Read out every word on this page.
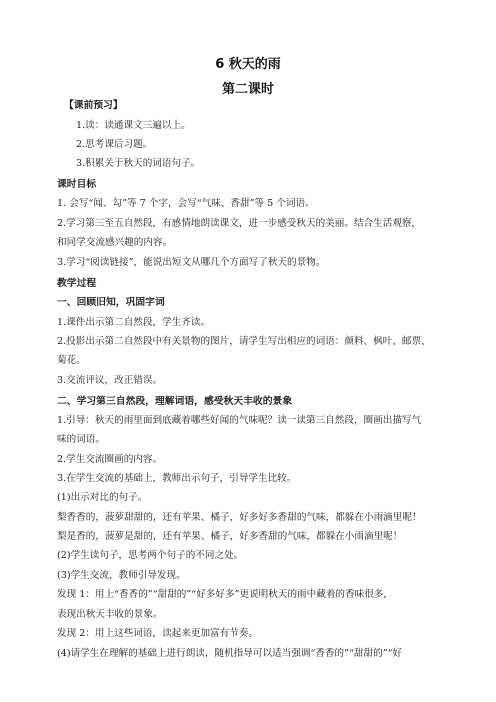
6 秋天的雨
第二课时
【课前预习】
1.读：读通课文三遍以上。
2.思考课后习题。
3.积累关于秋天的词语句子。
课时目标
1. 会写“闻、勾”等 7 个字，会写“气味、香甜”等 5 个词语。
2.学习第三至五自然段，有感情地朗读课文，进一步感受秋天的美丽。结合生活观察，
和同学交流感兴趣的内容。
3.学习“阅读链接”，能说出短文从哪几个方面写了秋天的景物。
教学过程
一、回顾旧知，巩固字词
1.课件出示第二自然段，学生齐读。
2.投影出示第二自然段中有关景物的图片，请学生写出相应的词语：颜料、枫叶、邮票、
菊花。
3.交流评议，改正错误。
二、学习第三自然段，理解词语，感受秋天丰收的景象
1.引导：秋天的雨里面到底藏着哪些好闻的气味呢？读一读第三自然段，圈画出描写气
味的词语。
2.学生交流圈画的内容。
3.在学生交流的基础上，教师出示句子，引导学生比较。
(1)出示对比的句子。
梨香香的，菠萝甜甜的，还有苹果、橘子，好多好多香甜的气味，都躲在小雨滴里呢！
梨是香的，菠萝是甜的，还有苹果、橘子，好多香甜的气味，都躲在小雨滴里呢！
(2)学生读句子，思考两个句子的不同之处。
(3)学生交流，教师引导发现。
发现 1：用上“香香的”“甜甜的”“好多好多”更说明秋天的雨中藏着的香味很多，
表现出秋天丰收的景象。
发现 2：用上这些词语，读起来更加富有节奏。
(4)请学生在理解的基础上进行朗读，随机指导可以适当强调“香香的”“甜甜的”“好
